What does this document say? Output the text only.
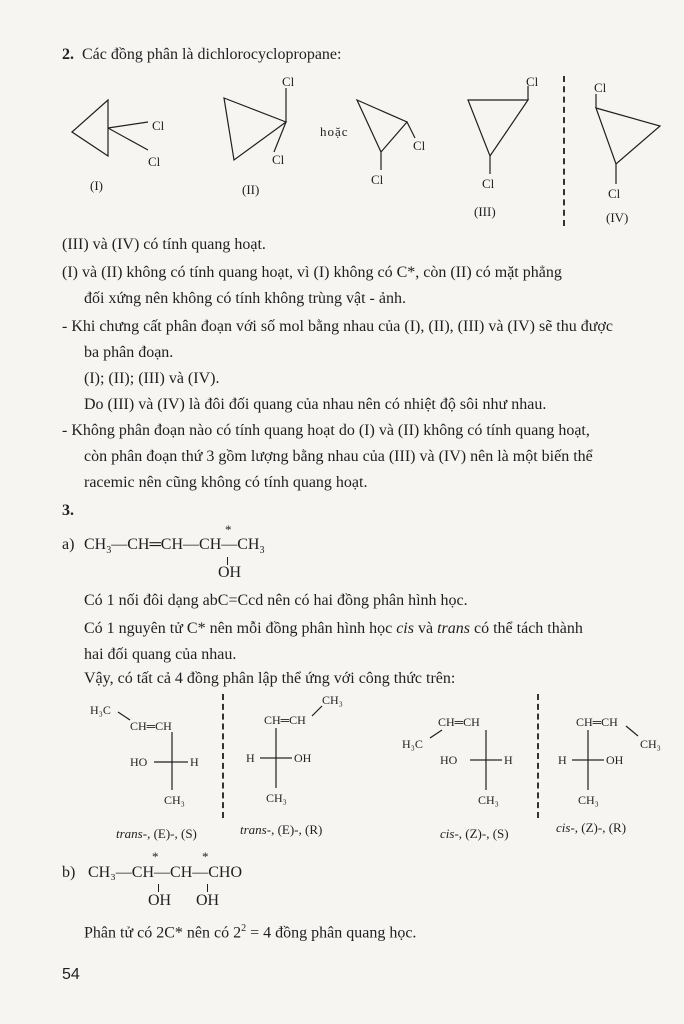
2. Các đồng phân là dichlorocyclopropane:
Cl
Cl
(I)
Cl
Cl
(II)
hoặc
Cl
Cl
Cl
Cl
(III)
Cl
Cl
(IV)
(III) và (IV) có tính quang hoạt.
(I) và (II) không có tính quang hoạt, vì (I) không có C*, còn (II) có mặt phẳng
đối xứng nên không có tính không trùng vật - ảnh.
- Khi chưng cất phân đoạn với số mol bằng nhau của (I), (II), (III) và (IV) sẽ thu được
ba phân đoạn.
(I); (II); (III) và (IV).
Do (III) và (IV) là đôi đối quang của nhau nên có nhiệt độ sôi như nhau.
- Không phân đoạn nào có tính quang hoạt do (I) và (II) không có tính quang hoạt,
còn phân đoạn thứ 3 gồm lượng bằng nhau của (III) và (IV) nên là một biến thể
racemic nên cũng không có tính quang hoạt.
3.
a) $CH_3—CH═CH—CH—CH_3$
*
OH
Có 1 nối đôi dạng abC=Ccd nên có hai đồng phân hình học.
Có 1 nguyên tử C* nên mỗi đồng phân hình học cis và trans có thể tách thành
hai đối quang của nhau.
Vậy, có tất cả 4 đồng phân lập thể ứng với công thức trên:
H₃C
CH═CH
HO	H
CH₃
CH₃
CH═CH
H	OH
CH₃
CH═CH
H₃C
HO	H
CH₃
CH═CH
CH₃
H	OH
CH₃
trans-, (E)-, (S)	trans-, (E)-, (R)	cis-, (Z)-, (S)	cis-, (Z)-, (R)
b) CH₃—CH—CH—CHO
*	*
OH OH
Phân tử có 2C* nên có $2^2 = 4$ đồng phân quang học.
54
